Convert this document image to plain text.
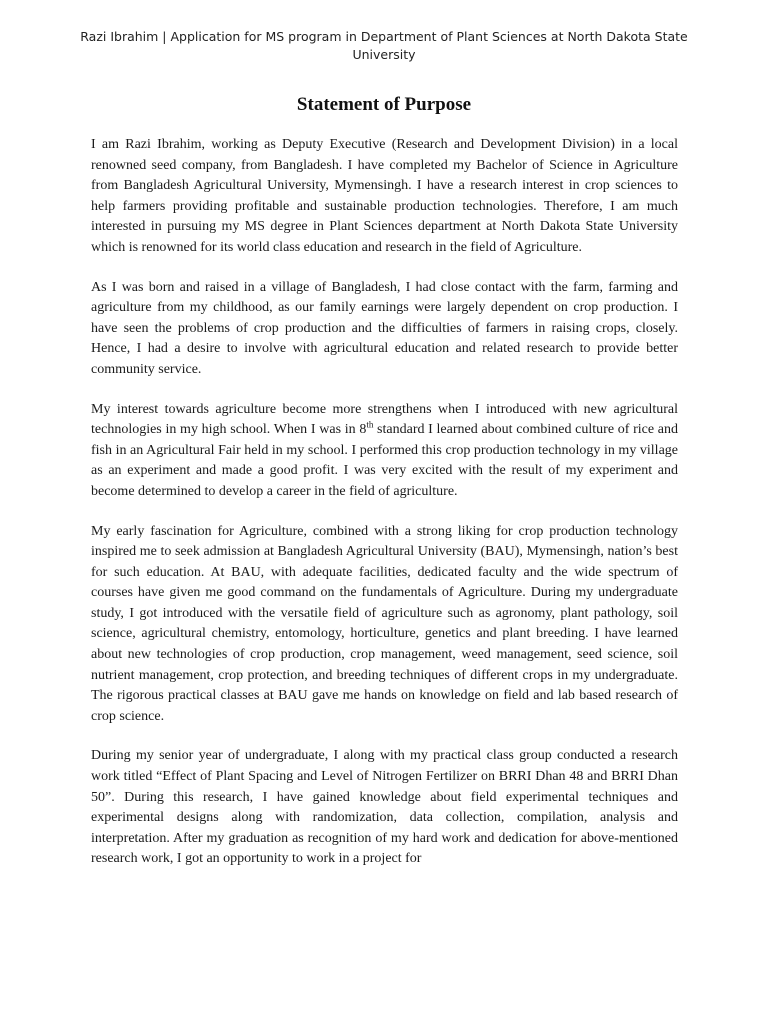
Razi Ibrahim | Application for MS program in Department of Plant Sciences at North Dakota State University
Statement of Purpose

I am Razi Ibrahim, working as Deputy Executive (Research and Development Division) in a local renowned seed company, from Bangladesh. I have completed my Bachelor of Science in Agriculture from Bangladesh Agricultural University, Mymensingh. I have a research interest in crop sciences to help farmers providing profitable and sustainable production technologies. Therefore, I am much interested in pursuing my MS degree in Plant Sciences department at North Dakota State University which is renowned for its world class education and research in the field of Agriculture.

As I was born and raised in a village of Bangladesh, I had close contact with the farm, farming and agriculture from my childhood, as our family earnings were largely dependent on crop production. I have seen the problems of crop production and the difficulties of farmers in raising crops, closely. Hence, I had a desire to involve with agricultural education and related research to provide better community service.

My interest towards agriculture become more strengthens when I introduced with new agricultural technologies in my high school. When I was in 8th standard I learned about combined culture of rice and fish in an Agricultural Fair held in my school. I performed this crop production technology in my village as an experiment and made a good profit. I was very excited with the result of my experiment and become determined to develop a career in the field of agriculture.

My early fascination for Agriculture, combined with a strong liking for crop production technology inspired me to seek admission at Bangladesh Agricultural University (BAU), Mymensingh, nation’s best for such education. At BAU, with adequate facilities, dedicated faculty and the wide spectrum of courses have given me good command on the fundamentals of Agriculture. During my undergraduate study, I got introduced with the versatile field of agriculture such as agronomy, plant pathology, soil science, agricultural chemistry, entomology, horticulture, genetics and plant breeding. I have learned about new technologies of crop production, crop management, weed management, seed science, soil nutrient management, crop protection, and breeding techniques of different crops in my undergraduate. The rigorous practical classes at BAU gave me hands on knowledge on field and lab based research of crop science.

During my senior year of undergraduate, I along with my practical class group conducted a research work titled “Effect of Plant Spacing and Level of Nitrogen Fertilizer on BRRI Dhan 48 and BRRI Dhan 50”. During this research, I have gained knowledge about field experimental techniques and experimental designs along with randomization, data collection, compilation, analysis and interpretation. After my graduation as recognition of my hard work and dedication for above-mentioned research work, I got an opportunity to work in a project for
